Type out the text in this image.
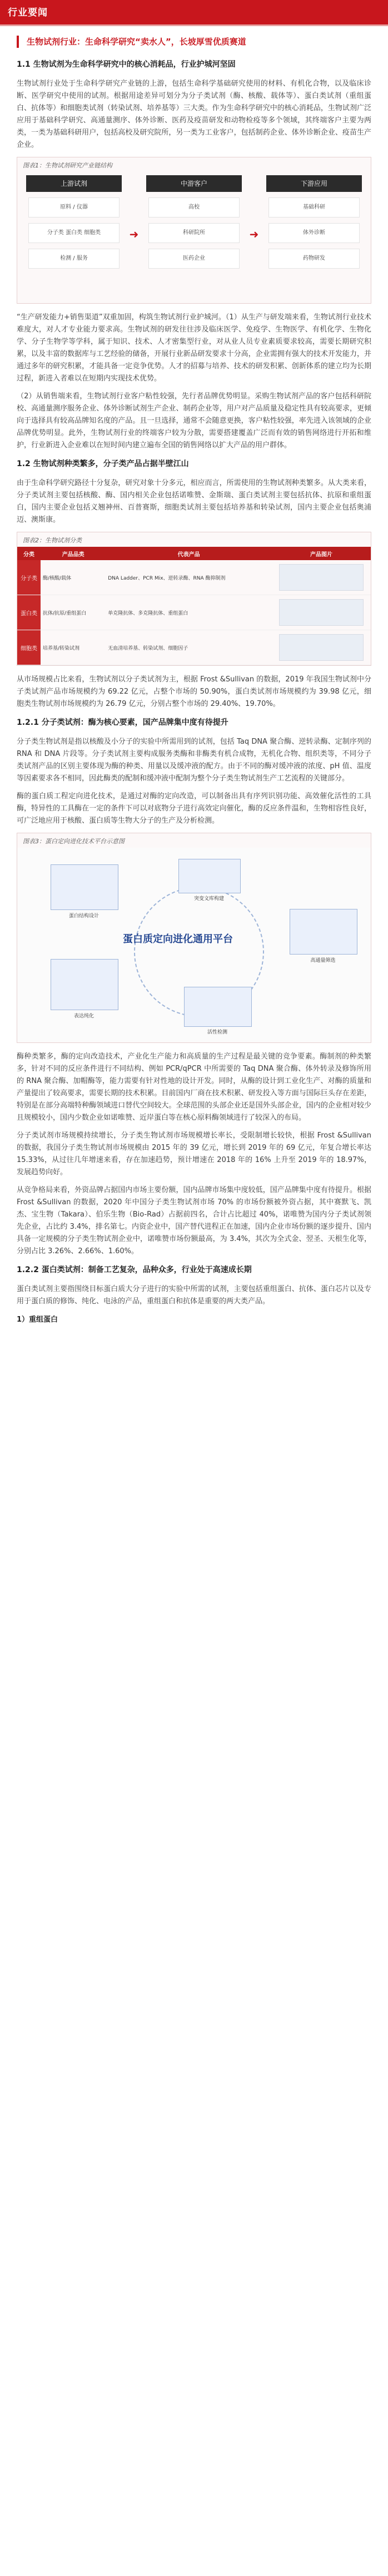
行业要闻
生物试剂行业：生命科学研究“卖水人”，长坡厚雪优质赛道
1.1 生物试剂为生命科学研究中的核心消耗品，行业护城河坚固
生物试剂行业处于生命科学研究产业链的上游，包括生命科学基础研究使用的材料、有机化合物，以及临床诊断、医学研究中使用的试剂。根据用途差异可划分为分子类试剂（酶、核酸、载体等）、蛋白类试剂（重组蛋白、抗体等）和细胞类试剂（转染试剂、培养基等）三大类。作为生命科学研究中的核心消耗品，生物试剂广泛应用于基础科学研究、高通量测序、体外诊断、医药及疫苗研发和动物检疫等多个领域，其终端客户主要为两类，一类为基础科研用户，包括高校及研究院所，另一类为工业客户，包括制药企业、体外诊断企业、疫苗生产企业。
图表1：生物试剂研究产业链结构
上游试剂
原料 / 仪器
分子类 蛋白类 细胞类
检测 / 服务
➜
中游客户
高校
科研院所
医药企业
➜
下游应用
基础科研
体外诊断
药物研发
“生产研发能力+销售渠道”双重加固，构筑生物试剂行业护城河。（1）从生产与研发端来看，生物试剂行业技术难度大，对人才专业能力要求高。生物试剂的研发往往涉及临床医学、免疫学、生物医学、有机化学、生物化学、分子生物学等学科，属于知识、技术、人才密集型行业，对从业人员专业素质要求较高，需要长期研究积累，以及丰富的数据库与工艺经验的储备，开展行业新品研发要求十分高，企业需拥有强大的技术开发能力，并通过多年的研究积累，才能具备一定竞争优势。人才的招募与培养、技术的研发积累、创新体系的建立均为长期过程，新进入者难以在短期内实现技术优势。
（2）从销售端来看，生物试剂行业客户粘性较强，先行者品牌优势明显。采购生物试剂产品的客户包括科研院校、高通量测序服务企业、体外诊断试剂生产企业、制药企业等，用户对产品质量及稳定性具有较高要求，更倾向于选择具有较高品牌知名度的产品。且一旦选择，通常不会随意更换，客户粘性较强，率先进入该领域的企业品牌优势明显。此外，生物试剂行业的终端客户较为分散，需要搭建覆盖广泛而有效的销售网络进行开拓和维护，行业新进入企业难以在短时间内建立遍布全国的销售网络以扩大产品的用户群体。
1.2 生物试剂种类繁多，分子类产品占据半壁江山
由于生命科学研究路径十分复杂，研究对象十分多元，相应而言，所需使用的生物试剂种类繁多。从大类来看，分子类试剂主要包括核酸、酶、国内相关企业包括诺唯赞、金斯瑞、蛋白类试剂主要包括抗体、抗原和重组蛋白，国内主要企业包括义翘神州、百普赛斯，细胞类试剂主要包括培养基和转染试剂，国内主要企业包括奥浦迈、澳斯康。
图表2：生物试剂分类
分类	产品品类	代表产品	产品图片
分子类	酶/核酸/载体	DNA Ladder、PCR Mix、逆转录酶、RNA 酶抑制剂	

蛋白类	抗体/抗原/重组蛋白	单克隆抗体、多克隆抗体、重组蛋白	

细胞类	培养基/转染试剂	无血清培养基、转染试剂、细胞因子	
从市场规模占比来看，生物试剂以分子类试剂为主，根据 Frost &Sullivan 的数据，2019 年我国生物试剂中分子类试剂产品市场规模约为 69.22 亿元，占整个市场的 50.90%，蛋白类试剂市场规模约为 39.98 亿元，细胞类生物试剂市场规模约为 26.79 亿元，分别占整个市场的 29.40%、19.70%。
1.2.1 分子类试剂：酶为核心要素，国产品牌集中度有待提升
分子类生物试剂是指以核酸及小分子的实验中所需用到的试剂，包括 Taq DNA 聚合酶、逆转录酶、定制序列的 RNA 和 DNA 片段等。分子类试剂主要构成服务类酶和非酶类有机合成物，无机化合物、组织类等，不同分子类试剂产品的区别主要体现为酶的种类、用量以及缓冲液的配方。由于不同的酶对缓冲液的浓度、pH 值、温度等因素要求各不相同，因此酶类的配制和缓冲液中配制为整个分子类生物试剂生产工艺流程的关键部分。
酶的蛋白质工程定向进化技术，是通过对酶的定向改造，可以制备出具有序列识别功能、高效催化活性的工具酶，特异性的工具酶在一定的条件下可以对底物分子进行高效定向催化，酶的反应条件温和，生物相容性良好，可广泛地应用于核酸、蛋白质等生物大分子的生产及分析检测。
图表3：蛋白定向进化技术平台示意图
蛋白质定向进化通用平台
蛋白结构设计
突变文库构建
高通量筛选
表达纯化
活性检测
酶种类繁多，酶的定向改造技术，产业化生产能力和高质量的生产过程是最关键的竞争要素。酶制剂的种类繁多，针对不同的反应条件进行不同结构、例如 PCR/qPCR 中所需要的 Taq DNA 聚合酶、体外转录及修饰所用的 RNA 聚合酶、加帽酶等，能力需要有针对性地的设计开发。同时，从酶的设计到工业化生产、对酶的质量和产量提出了较高要求，需要长期的技术积累。目前国内厂商在技术积累、研发投入等方面与国际巨头存在差距，特别是在部分高端特种酶领域进口替代空间较大。全球范围的头部企业还是国外头部企业，国内的企业相对较少且规模较小，国内少数企业如诺唯赞、近岸蛋白等在核心原料酶领域进行了较深入的布局。
分子类试剂市场规模持续增长，分子类生物试剂市场规模增长率长，受限制增长较快，根据 Frost &Sullivan 的数据，我国分子类生物试剂市场规模由 2015 年的 39 亿元，增长到 2019 年的 69 亿元，年复合增长率达 15.33%，从过往几年增速来看，存在加速趋势，预计增速在 2018 年的 16% 上升至 2019 年的 18.97%，发展趋势向好。
从竞争格局来看，外资品牌占据国内市场主要份额，国内品牌市场集中度较低，国产品牌集中度有待提升。根据 Frost &Sullivan 的数据，2020 年中国分子类生物试剂市场 70% 的市场份额被外资占据，其中赛默飞、凯杰、宝生物（Takara）、伯乐生物（Bio-Rad）占据前四名，合计占比超过 40%，诺唯赞为国内分子类试剂领先企业，占比约 3.4%，排名第七。内资企业中，国产替代进程正在加速，国内企业市场份额的逐步提升、国内具备一定规模的分子类生物试剂企业中，诺唯赞市场份额最高，为 3.4%，其次为全式金、翌圣、天根生化等，分别占比 3.26%、2.66%、1.60%。
1.2.2 蛋白类试剂：制备工艺复杂，品种众多，行业处于高速成长期
蛋白类试剂主要指围绕目标蛋白质大分子进行的实验中所需的试剂，主要包括重组蛋白、抗体、蛋白芯片以及专用于蛋白质的修饰、纯化、电泳的产品，重组蛋白和抗体是重要的两大类产品。
1）重组蛋白
